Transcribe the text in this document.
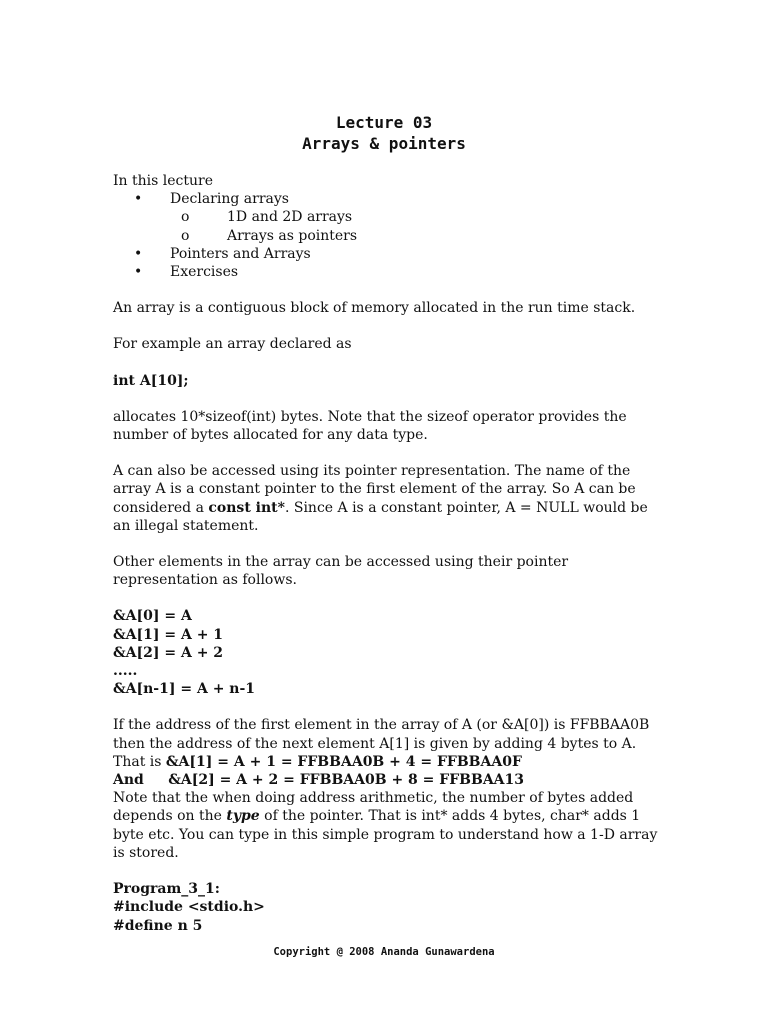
Lecture 03
Arrays & pointers

In this lecture

• Declaring arrays
o	1D and 2D arrays
o	Arrays as pointers
• Pointers and Arrays
• Exercises

An array is a contiguous block of memory allocated in the run time stack.

For example an array declared as

int A[10];

allocates 10*sizeof(int) bytes. Note that the sizeof operator provides the number of bytes allocated for any data type.

A can also be accessed using its pointer representation. The name of the array A is a constant pointer to the first element of the array. So A can be considered a const int*. Since A is a constant pointer, A = NULL would be an illegal statement.

Other elements in the array can be accessed using their pointer representation as follows.

&A[0] = A

&A[1] = A + 1

&A[2] = A + 2

.....

&A[n-1] = A + n-1

If the address of the first element in the array of A (or &A[0]) is FFBBAA0B then the address of the next element A[1] is given by adding 4 bytes to A.

That is &A[1] = A + 1 = FFBBAA0B + 4 = FFBBAA0F

And     &A[2] = A + 2 = FFBBAA0B + 8 = FFBBAA13

Note that the when doing address arithmetic, the number of bytes added depends on the type of the pointer. That is int* adds 4 bytes, char* adds 1 byte etc. You can type in this simple program to understand how a 1-D array is stored.

Program_3_1:

#include <stdio.h>

#define n 5

Copyright @ 2008 Ananda Gunawardena
